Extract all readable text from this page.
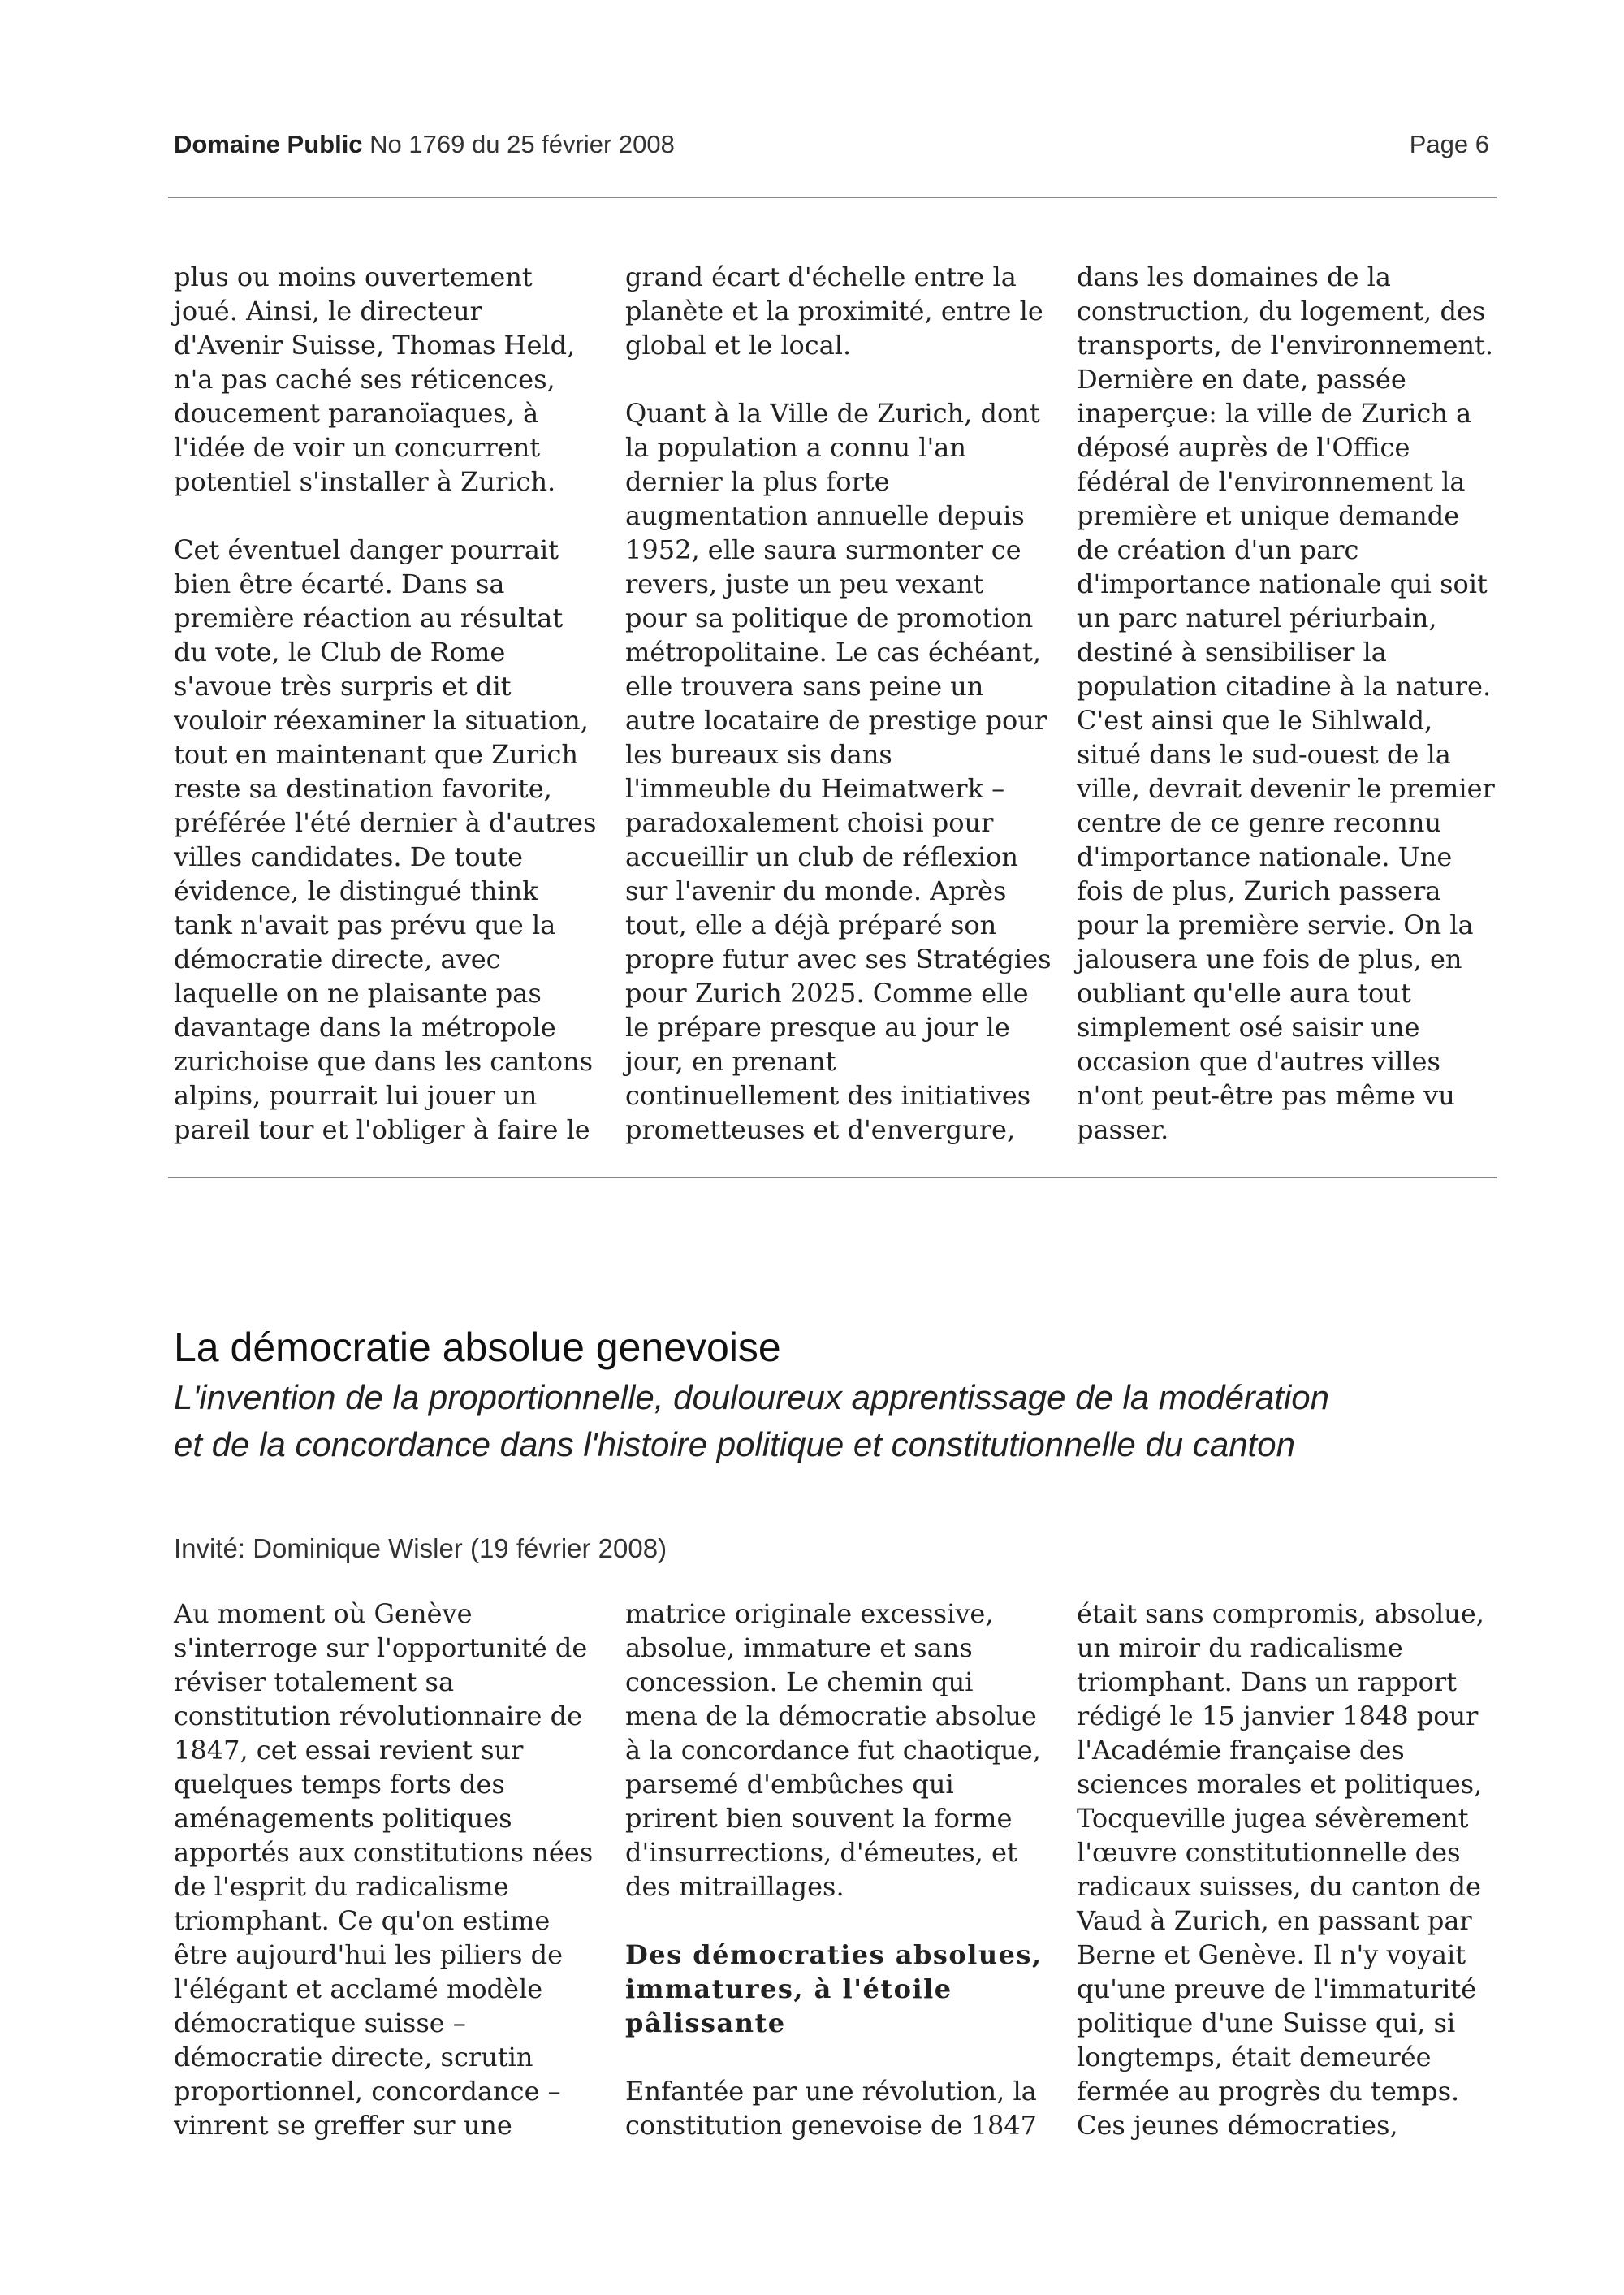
Domaine Public No 1769 du 25 février 2008	Page 6

plus ou moins ouvertement
joué. Ainsi, le directeur
d'Avenir Suisse, Thomas Held,
n'a pas caché ses réticences,
doucement paranoïaques, à
l'idée de voir un concurrent
potentiel s'installer à Zurich.

Cet éventuel danger pourrait
bien être écarté. Dans sa
première réaction au résultat
du vote, le Club de Rome
s'avoue très surpris et dit
vouloir réexaminer la situation,
tout en maintenant que Zurich
reste sa destination favorite,
préférée l'été dernier à d'autres
villes candidates. De toute
évidence, le distingué think
tank n'avait pas prévu que la
démocratie directe, avec
laquelle on ne plaisante pas
davantage dans la métropole
zurichoise que dans les cantons
alpins, pourrait lui jouer un
pareil tour et l'obliger à faire le

grand écart d'échelle entre la
planète et la proximité, entre le
global et le local.

Quant à la Ville de Zurich, dont
la population a connu l'an
dernier la plus forte
augmentation annuelle depuis
1952, elle saura surmonter ce
revers, juste un peu vexant
pour sa politique de promotion
métropolitaine. Le cas échéant,
elle trouvera sans peine un
autre locataire de prestige pour
les bureaux sis dans
l'immeuble du Heimatwerk –
paradoxalement choisi pour
accueillir un club de réflexion
sur l'avenir du monde. Après
tout, elle a déjà préparé son
propre futur avec ses Stratégies
pour Zurich 2025. Comme elle
le prépare presque au jour le
jour, en prenant
continuellement des initiatives
prometteuses et d'envergure,

dans les domaines de la
construction, du logement, des
transports, de l'environnement.
Dernière en date, passée
inaperçue: la ville de Zurich a
déposé auprès de l'Office
fédéral de l'environnement la
première et unique demande
de création d'un parc
d'importance nationale qui soit
un parc naturel périurbain,
destiné à sensibiliser la
population citadine à la nature.
C'est ainsi que le Sihlwald,
situé dans le sud-ouest de la
ville, devrait devenir le premier
centre de ce genre reconnu
d'importance nationale. Une
fois de plus, Zurich passera
pour la première servie. On la
jalousera une fois de plus, en
oubliant qu'elle aura tout
simplement osé saisir une
occasion que d'autres villes
n'ont peut-être pas même vu
passer.

La démocratie absolue genevoise
L'invention de la proportionnelle, douloureux apprentissage de la modération
et de la concordance dans l'histoire politique et constitutionnelle du canton
Invité: Dominique Wisler (19 février 2008)

Au moment où Genève
s'interroge sur l'opportunité de
réviser totalement sa
constitution révolutionnaire de
1847, cet essai revient sur
quelques temps forts des
aménagements politiques
apportés aux constitutions nées
de l'esprit du radicalisme
triomphant. Ce qu'on estime
être aujourd'hui les piliers de
l'élégant et acclamé modèle
démocratique suisse –
démocratie directe, scrutin
proportionnel, concordance –
vinrent se greffer sur une

matrice originale excessive,
absolue, immature et sans
concession. Le chemin qui
mena de la démocratie absolue
à la concordance fut chaotique,
parsemé d'embûches qui
prirent bien souvent la forme
d'insurrections, d'émeutes, et
des mitraillages.

Des démocraties absolues,
immatures, à l'étoile
pâlissante

Enfantée par une révolution, la
constitution genevoise de 1847

était sans compromis, absolue,
un miroir du radicalisme
triomphant. Dans un rapport
rédigé le 15 janvier 1848 pour
l'Académie française des
sciences morales et politiques,
Tocqueville jugea sévèrement
l'œuvre constitutionnelle des
radicaux suisses, du canton de
Vaud à Zurich, en passant par
Berne et Genève. Il n'y voyait
qu'une preuve de l'immaturité
politique d'une Suisse qui, si
longtemps, était demeurée
fermée au progrès du temps.
Ces jeunes démocraties,
